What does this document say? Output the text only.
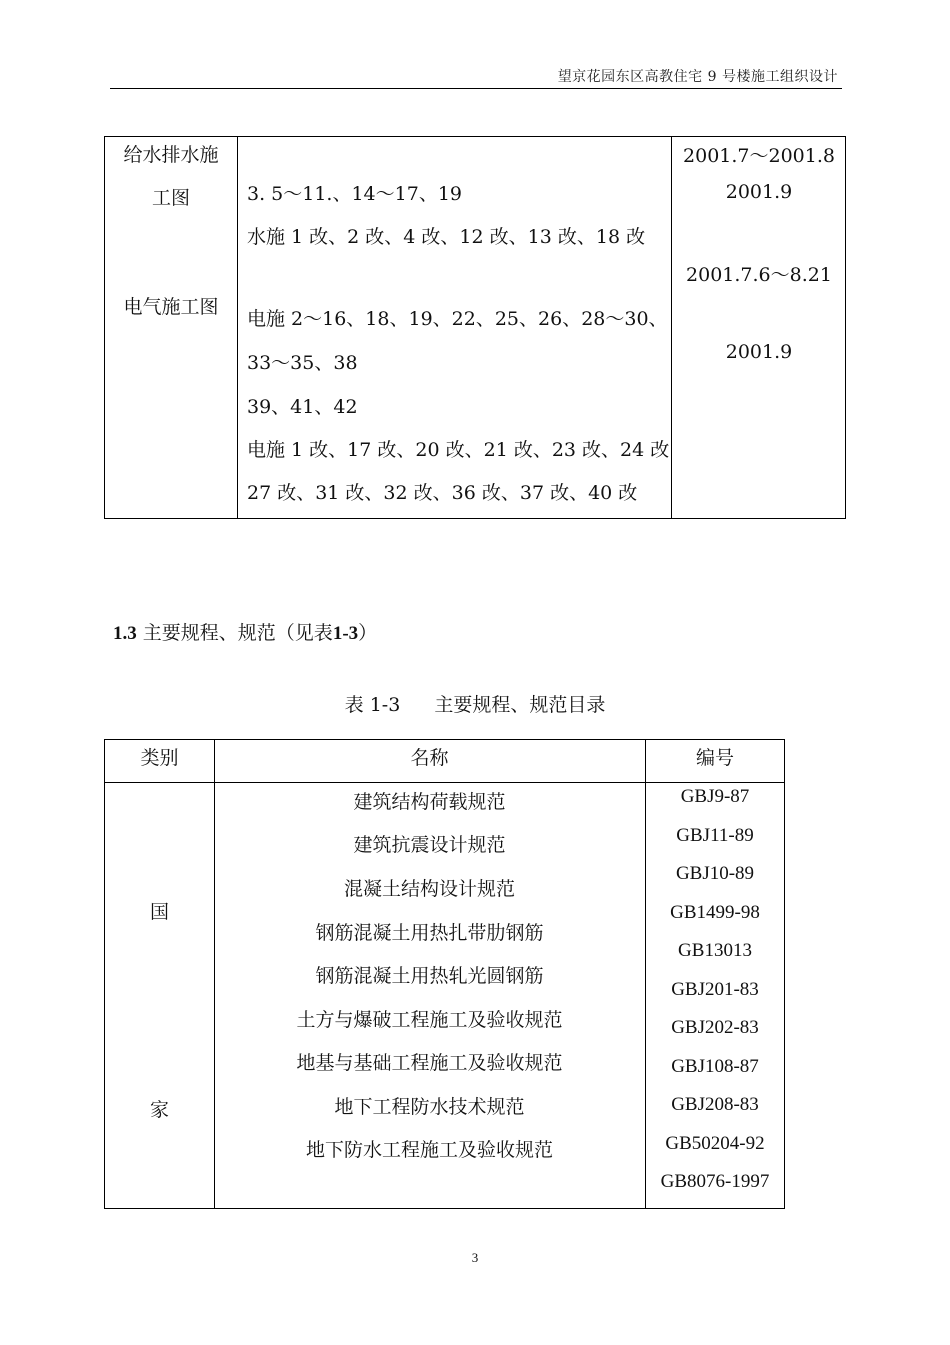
望京花园东区高教住宅 9 号楼施工组织设计
给水排水施
工图
电气施工图
3. 5～11.、14～17、19
水施 1 改、2 改、4 改、12 改、13 改、18 改
电施 2～16、18、19、22、25、26、28～30、
33～35、38
39、41、42
电施 1 改、17 改、20 改、21 改、23 改、24 改
27 改、31 改、32 改、36 改、37 改、40 改
2001.7～2001.8
2001.9
2001.7.6～8.21
2001.9
1.3 主要规程、规范（见表1-3）
表 1-3 主要规程、规范目录
类别	名称	编号
国
家
建筑结构荷载规范
建筑抗震设计规范
混凝土结构设计规范
钢筋混凝土用热扎带肋钢筋
钢筋混凝土用热轧光圆钢筋
土方与爆破工程施工及验收规范
地基与基础工程施工及验收规范
地下工程防水技术规范
地下防水工程施工及验收规范
GBJ9-87
GBJ11-89
GBJ10-89
GB1499-98
GB13013
GBJ201-83
GBJ202-83
GBJ108-87
GBJ208-83
GB50204-92
GB8076-1997
3
